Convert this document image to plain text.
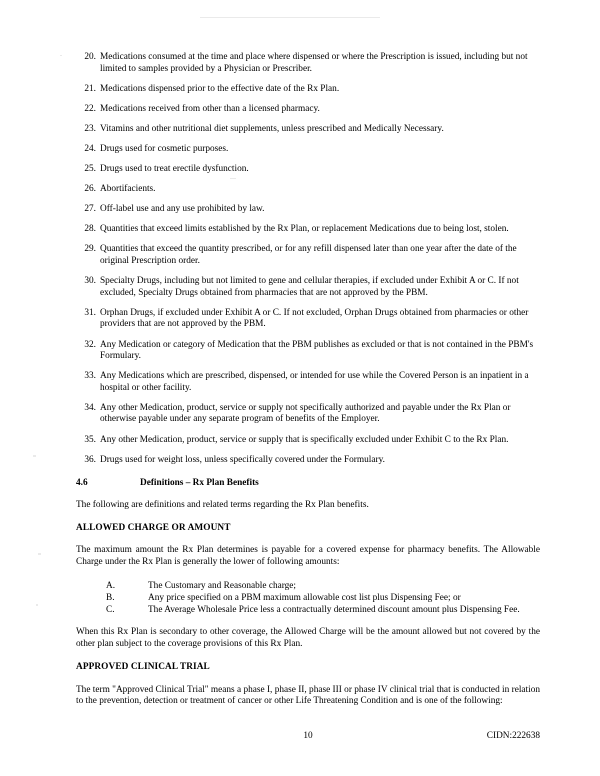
20. Medications consumed at the time and place where dispensed or where the Prescription is issued, including but not limited to samples provided by a Physician or Prescriber.
21. Medications dispensed prior to the effective date of the Rx Plan.
22. Medications received from other than a licensed pharmacy.
23. Vitamins and other nutritional diet supplements, unless prescribed and Medically Necessary.
24. Drugs used for cosmetic purposes.
25. Drugs used to treat erectile dysfunction.
26. Abortifacients.
27. Off-label use and any use prohibited by law.
28. Quantities that exceed limits established by the Rx Plan, or replacement Medications due to being lost, stolen.
29. Quantities that exceed the quantity prescribed, or for any refill dispensed later than one year after the date of the original Prescription order.
30. Specialty Drugs, including but not limited to gene and cellular therapies, if excluded under Exhibit A or C. If not excluded, Specialty Drugs obtained from pharmacies that are not approved by the PBM.
31. Orphan Drugs, if excluded under Exhibit A or C. If not excluded, Orphan Drugs obtained from pharmacies or other providers that are not approved by the PBM.
32. Any Medication or category of Medication that the PBM publishes as excluded or that is not contained in the PBM's Formulary.
33. Any Medications which are prescribed, dispensed, or intended for use while the Covered Person is an inpatient in a hospital or other facility.
34. Any other Medication, product, service or supply not specifically authorized and payable under the Rx Plan or otherwise payable under any separate program of benefits of the Employer.
35. Any other Medication, product, service or supply that is specifically excluded under Exhibit C to the Rx Plan.
36. Drugs used for weight loss, unless specifically covered under the Formulary.
4.6	Definitions – Rx Plan Benefits

The following are definitions and related terms regarding the Rx Plan benefits.

ALLOWED CHARGE OR AMOUNT

The maximum amount the Rx Plan determines is payable for a covered expense for pharmacy benefits. The Allowable Charge under the Rx Plan is generally the lower of following amounts:

A.	The Customary and Reasonable charge;
B.	Any price specified on a PBM maximum allowable cost list plus Dispensing Fee; or
C.	The Average Wholesale Price less a contractually determined discount amount plus Dispensing Fee.

When this Rx Plan is secondary to other coverage, the Allowed Charge will be the amount allowed but not covered by the other plan subject to the coverage provisions of this Rx Plan.

APPROVED CLINICAL TRIAL

The term "Approved Clinical Trial" means a phase I, phase II, phase III or phase IV clinical trial that is conducted in relation to the prevention, detection or treatment of cancer or other Life Threatening Condition and is one of the following:

10	CIDN:222638
